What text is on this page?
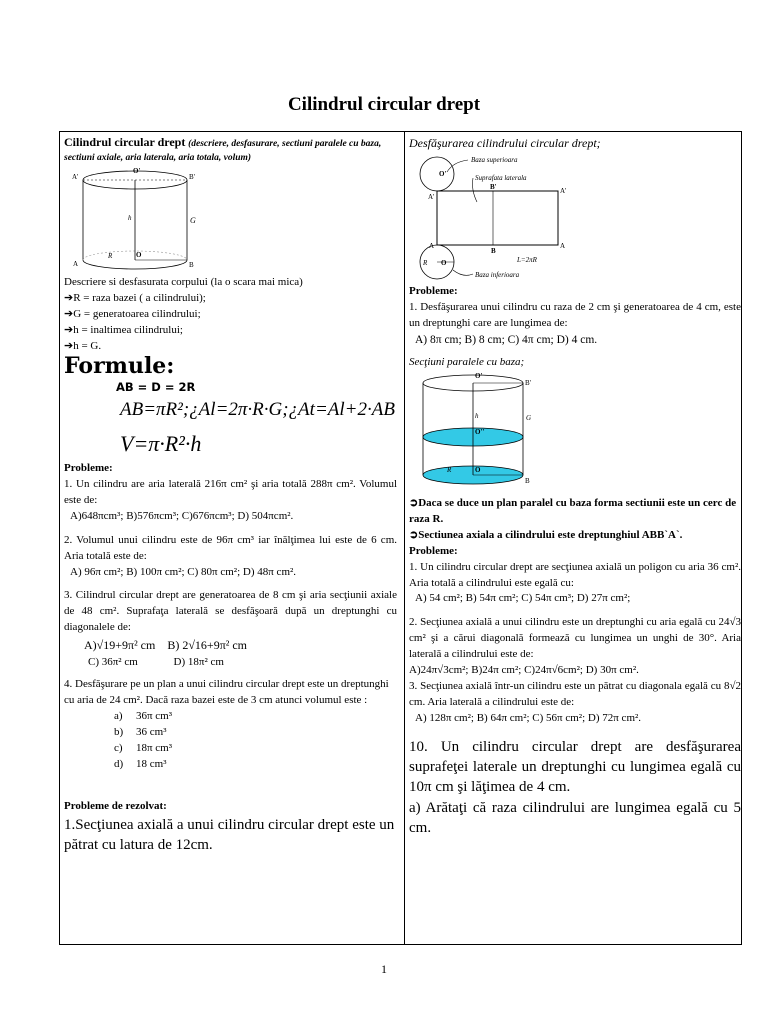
Cilindrul circular drept
Cilindrul circular drept (descriere, desfasurare, sectiuni paralele cu baza, sectiuni axiale, aria laterala, aria totala, volum)
A'
O'
B'
h	G
A
R	O
B
Descriere si desfasurata corpului (la o scara mai mica)
➔R = raza bazei ( a cilindrului);
➔G = generatoarea cilindrului;
➔h = inaltimea cilindrului;
➔h = G.
Formule:
AB = D = 2R
AB=πR²;¿Al=2π·R·G;¿At=Al+2·AB
V=π·R²·h
Probleme:
1. Un cilindru are aria laterală 216π cm² şi aria totală 288π cm². Volumul este de:
A)648πcm³; B)576πcm³; C)676πcm³; D) 504πcm².
2. Volumul unui cilindru este de 96π cm³ iar înălţimea lui este de 6 cm. Aria totală este de:
A) 96π cm²; B) 100π cm²; C) 80π cm²; D) 48π cm².
3. Cilindrul circular drept are generatoarea de 8 cm şi aria secţiunii axiale de 48 cm². Suprafaţa laterală se desfăşoară după un dreptunghi cu diagonalele de:
A)√19+9π² cm B) 2√16+9π² cm
C) 36π² cm	D) 18π² cm
4. Desfăşurare pe un plan a unui cilindru circular drept este un dreptunghi cu aria de 24 cm². Dacă raza bazei este de 3 cm atunci volumul este :
a) 36π cm³
b) 36 cm³
c) 18π cm³
d) 18 cm³
Probleme de rezolvat:
1.Secţiunea axială a unui cilindru circular drept este un pătrat cu latura de 12cm.
Desfăşurarea cilindrului circular drept;
Baza superioara
Suprafata laterala
O'
B'
A'
A'
A
B
A
R O	L=2πR
Baza inferioara
Probleme:
1. Desfăşurarea unui cilindru cu raza de 2 cm şi generatoarea de 4 cm, este un dreptunghi care are lungimea de:
A) 8π cm; B) 8 cm; C) 4π cm; D) 4 cm.
Secţiuni paralele cu baza;
O'
B'
h	G
O''
R	O
B
➲Daca se duce un plan paralel cu baza forma sectiunii este un cerc de raza R.
➲Sectiunea axiala a cilindrului este dreptunghiul ABB`A`.
Probleme:
1. Un cilindru circular drept are secţiunea axială un poligon cu aria 36 cm². Aria totală a cilindrului este egală cu:
A) 54 cm²; B) 54π cm²; C) 54π cm³; D) 27π cm²;
2. Secţiunea axială a unui cilindru este un dreptunghi cu aria egală cu 24√3 cm² şi a cărui diagonală formează cu lungimea un unghi de 30°. Aria laterală a cilindrului este de:
A)24π√3cm²; B)24π cm²; C)24π√6cm²; D) 30π cm².
3. Secţiunea axială într-un cilindru este un pătrat cu diagonala egală cu 8√2 cm. Aria laterală a cilindrului este de:
A) 128π cm²; B) 64π cm²; C) 56π cm²; D) 72π cm².
10. Un cilindru circular drept are desfăşurarea suprafeţei laterale un dreptunghi cu lungimea egală cu 10π cm şi lăţimea de 4 cm.
a) Arătaţi că raza cilindrului are lungimea egală cu 5 cm.
1
